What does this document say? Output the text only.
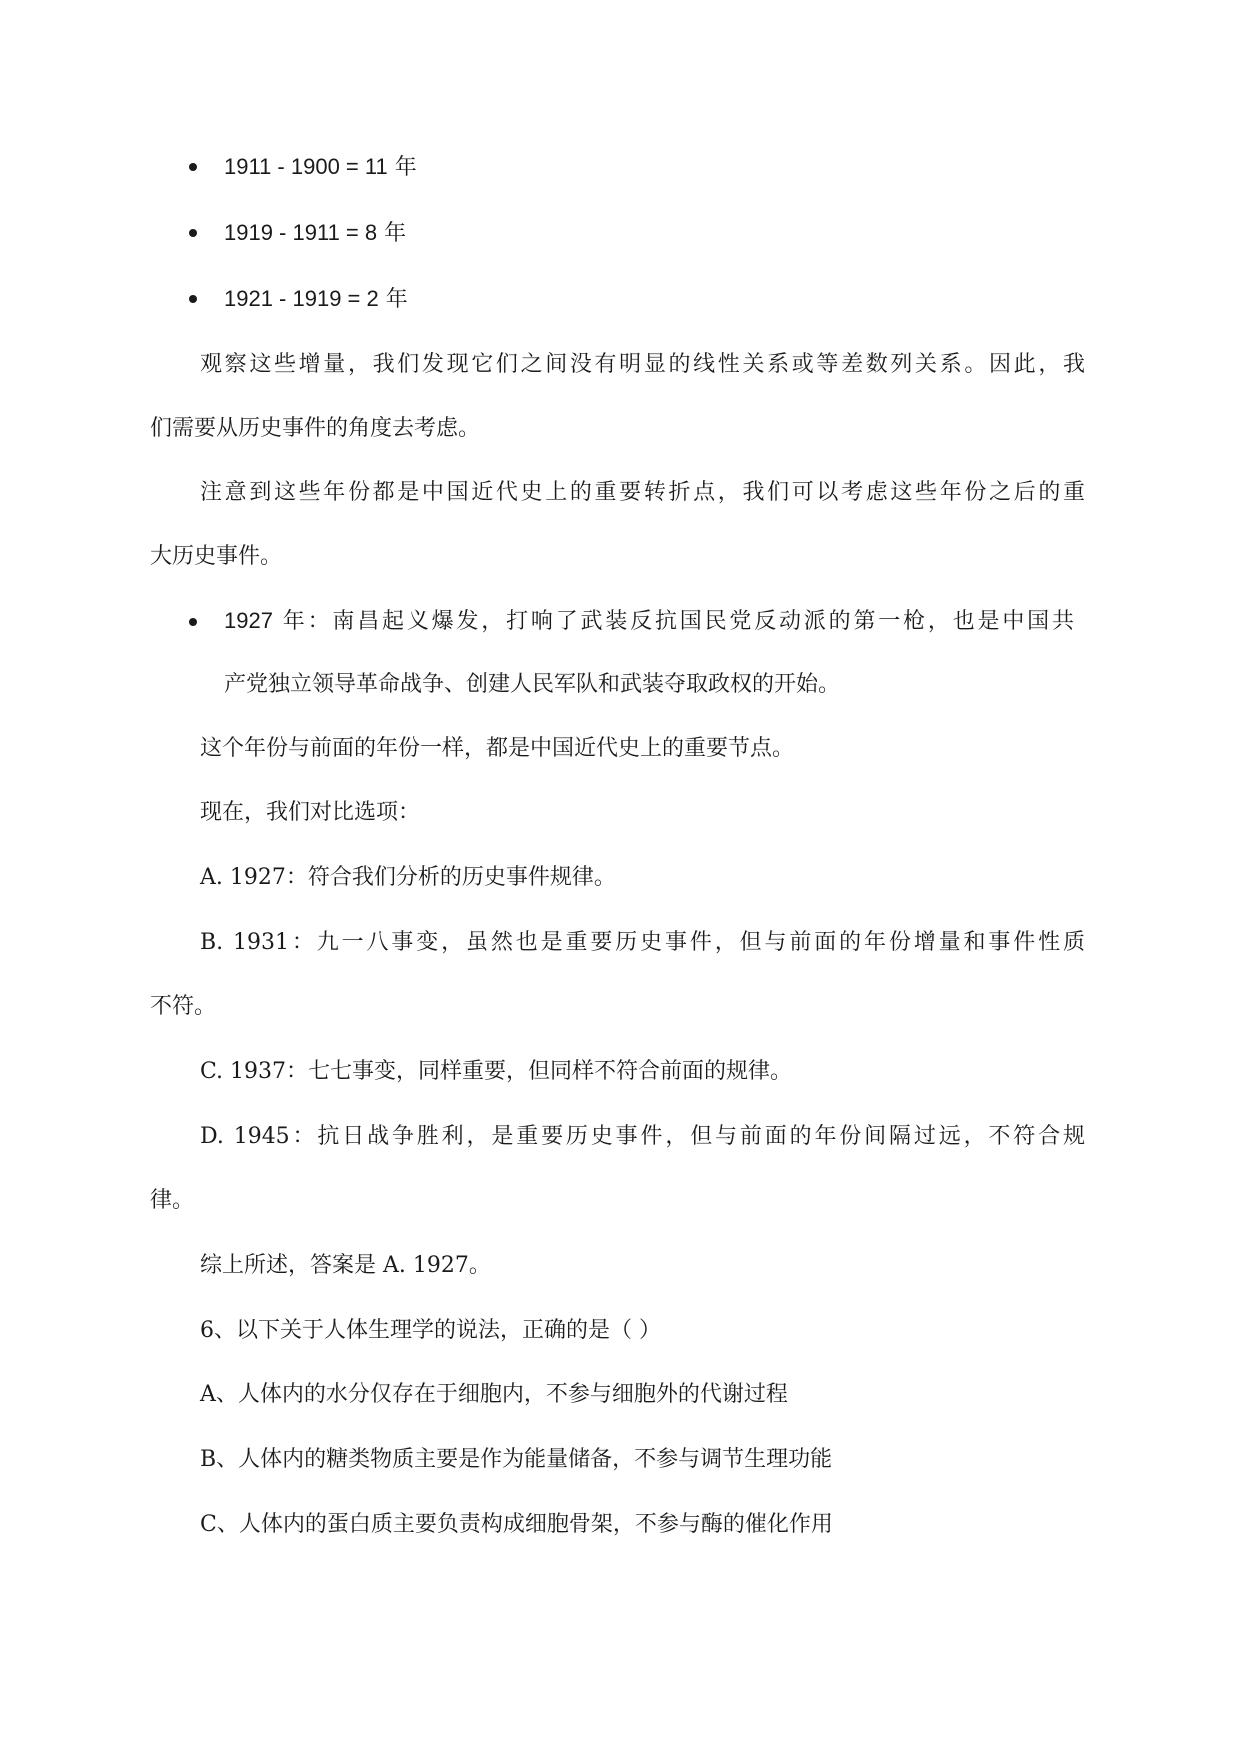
1911 - 1900 = 11 年
1919 - 1911 = 8 年
1921 - 1919 = 2 年
观察这些增量，我们发现它们之间没有明显的线性关系或等差数列关系。因此，我
们需要从历史事件的角度去考虑。
注意到这些年份都是中国近代史上的重要转折点，我们可以考虑这些年份之后的重
大历史事件。
1927 年：南昌起义爆发，打响了武装反抗国民党反动派的第一枪，也是中国共
产党独立领导革命战争、创建人民军队和武装夺取政权的开始。
这个年份与前面的年份一样，都是中国近代史上的重要节点。
现在，我们对比选项：
A. 1927：符合我们分析的历史事件规律。
B. 1931：九一八事变，虽然也是重要历史事件，但与前面的年份增量和事件性质
不符。
C. 1937：七七事变，同样重要，但同样不符合前面的规律。
D. 1945：抗日战争胜利，是重要历史事件，但与前面的年份间隔过远，不符合规
律。
综上所述，答案是 A. 1927。
6、以下关于人体生理学的说法，正确的是（ ）
A、人体内的水分仅存在于细胞内，不参与细胞外的代谢过程
B、人体内的糖类物质主要是作为能量储备，不参与调节生理功能
C、人体内的蛋白质主要负责构成细胞骨架，不参与酶的催化作用
